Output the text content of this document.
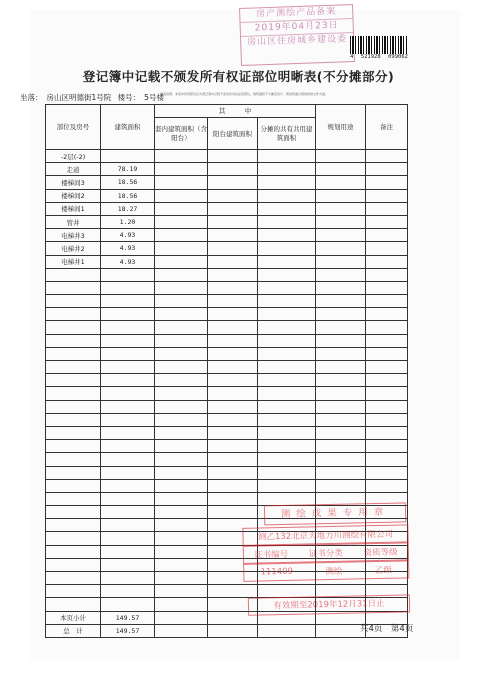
房产测绘产品备案
2019年04月23日
房山区住房城乡建设委
4 521928 099062
登记簿中记载不颁发所有权证部位明晰表(不分摊部分)
坐落： 房山区明德街1号院 楼号： 5号楼
填表说明：本表中所列部位仅为登记簿中记载不颁发所有权证的部位，建筑面积不分摊至各户；规划用途以规划审批文件为准。
部位及房号	建筑面积	其　　　中			规划用途	备注
		套内建筑面积（含阳台）	阳台建筑面积	分摊的共有共用建筑面积		
-2层(-2)						
走道	78.19					
楼梯间3	18.56					
楼梯间2	18.56					
楼梯间1	18.27					
管井	1.20					
电梯井3	4.93					
电梯井2	4.93					
电梯井1	4.93					

本页小计	149.57					
总　计	149.57					
测绘成果专用章
测乙132北京天地力川测绘有限公司
证书编号 证书分类 资质等级
111409	测绘	乙级
有效期至2019年12月31日止
共4页　第4页
